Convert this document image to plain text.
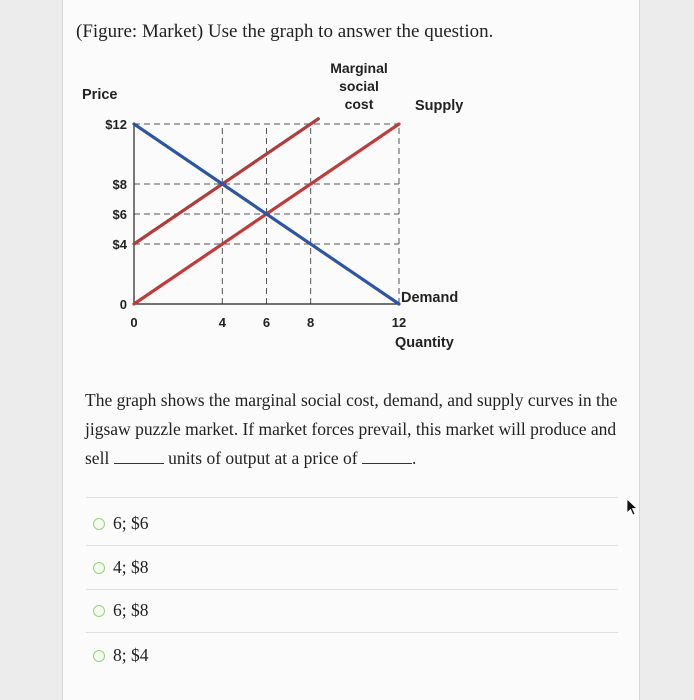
(Figure: Market) Use the graph to answer the question.
0
$4
$6
$8
$12
0	4	6	8	12
Price
Quantity
Marginal
social
cost	Supply
Demand
The graph shows the marginal social cost, demand, and supply curves in the jigsaw puzzle market. If market forces prevail, this market will produce and sell	units of output at a price of	.
6; $6
4; $8
6; $8
8; $4
